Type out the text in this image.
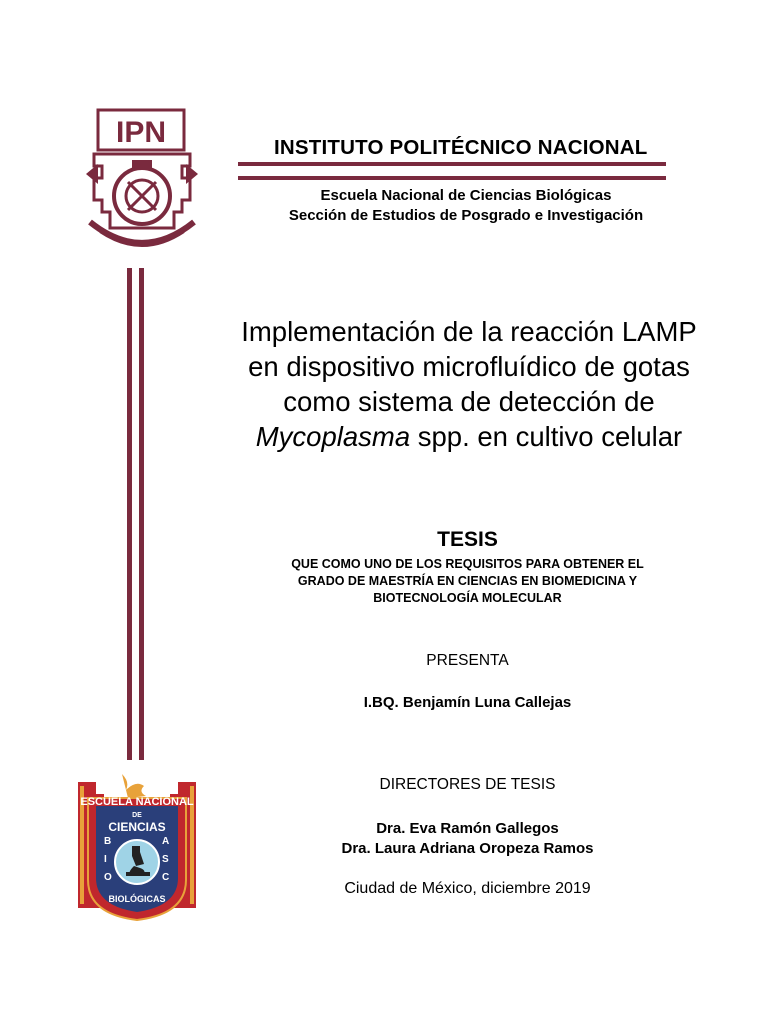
IPN	INSTITUTO POLITÉCNICO NACIONAL
Escuela Nacional de Ciencias Biológicas
Sección de Estudios de Posgrado e Investigación
Implementación de la reacción LAMP
en dispositivo microfluídico de gotas
como sistema de detección de
Mycoplasma spp. en cultivo celular
TESIS
QUE COMO UNO DE LOS REQUISITOS PARA OBTENER EL
GRADO DE MAESTRÍA EN CIENCIAS EN BIOMEDICINA Y
BIOTECNOLOGÍA MOLECULAR
PRESENTA
I.BQ. Benjamín Luna Callejas
DIRECTORES DE TESIS
Dra. Eva Ramón Gallegos
Dra. Laura Adriana Oropeza Ramos
Ciudad de México, diciembre 2019
ESCUELA NACIONAL
DE
CIENCIAS
B
I
O
A
S
C
BIOLÓGICAS
